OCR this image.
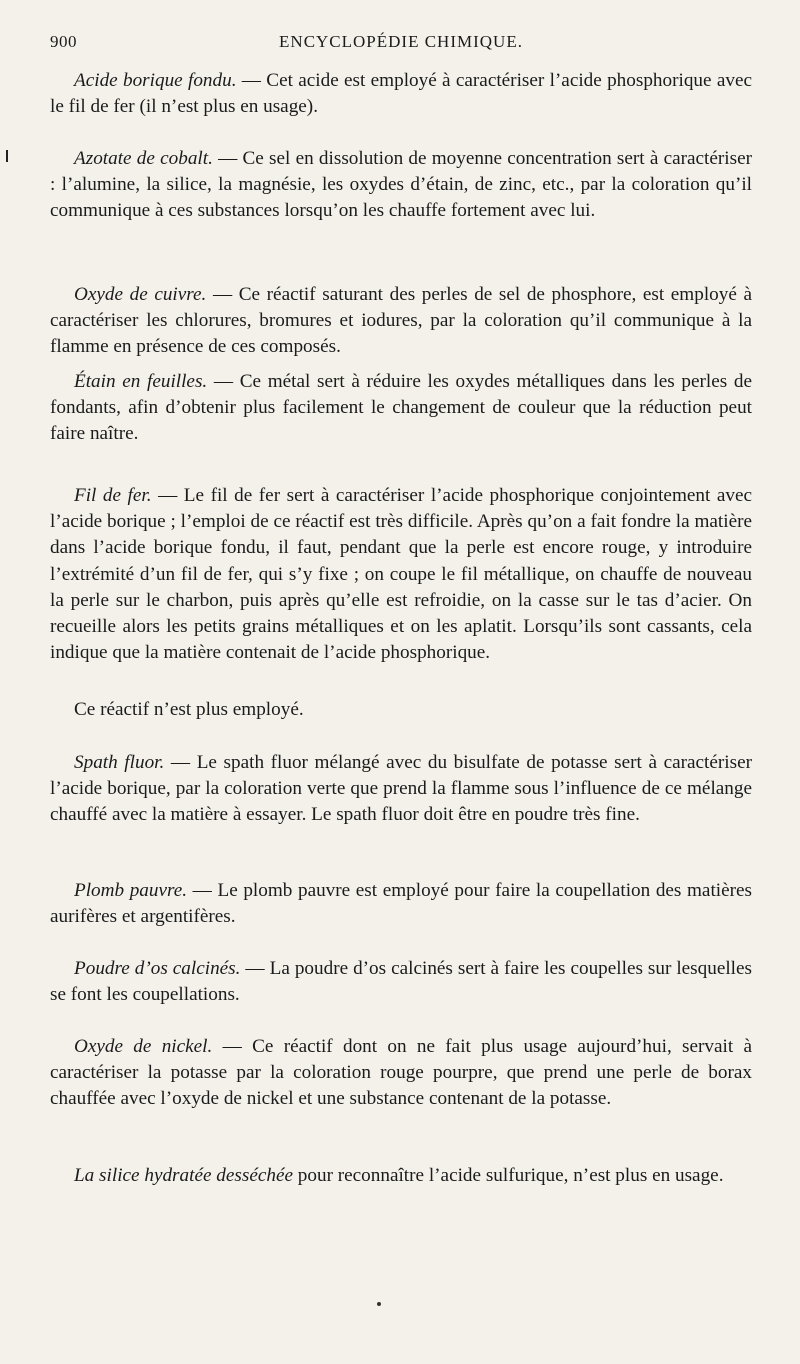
900	ENCYCLOPÉDIE CHIMIQUE.

Acide borique fondu. — Cet acide est employé à caractériser l’acide phosphorique avec le fil de fer (il n’est plus en usage).

Azotate de cobalt. — Ce sel en dissolution de moyenne concentration sert à caractériser : l’alumine, la silice, la magnésie, les oxydes d’étain, de zinc, etc., par la coloration qu’il communique à ces substances lorsqu’on les chauffe fortement avec lui.

Oxyde de cuivre. — Ce réactif saturant des perles de sel de phosphore, est employé à caractériser les chlorures, bromures et iodures, par la coloration qu’il communique à la flamme en présence de ces composés.

Étain en feuilles. — Ce métal sert à réduire les oxydes métalliques dans les perles de fondants, afin d’obtenir plus facilement le changement de couleur que la réduction peut faire naître.

Fil de fer. — Le fil de fer sert à caractériser l’acide phosphorique conjointement avec l’acide borique ; l’emploi de ce réactif est très difficile. Après qu’on a fait fondre la matière dans l’acide borique fondu, il faut, pendant que la perle est encore rouge, y introduire l’extrémité d’un fil de fer, qui s’y fixe ; on coupe le fil métallique, on chauffe de nouveau la perle sur le charbon, puis après qu’elle est refroidie, on la casse sur le tas d’acier. On recueille alors les petits grains métalliques et on les aplatit. Lorsqu’ils sont cassants, cela indique que la matière contenait de l’acide phosphorique.

Ce réactif n’est plus employé.

Spath fluor. — Le spath fluor mélangé avec du bisulfate de potasse sert à caractériser l’acide borique, par la coloration verte que prend la flamme sous l’influence de ce mélange chauffé avec la matière à essayer. Le spath fluor doit être en poudre très fine.

Plomb pauvre. — Le plomb pauvre est employé pour faire la coupellation des matières aurifères et argentifères.

Poudre d’os calcinés. — La poudre d’os calcinés sert à faire les coupelles sur lesquelles se font les coupellations.

Oxyde de nickel. — Ce réactif dont on ne fait plus usage aujourd’hui, servait à caractériser la potasse par la coloration rouge pourpre, que prend une perle de borax chauffée avec l’oxyde de nickel et une substance contenant de la potasse.

La silice hydratée desséchée pour reconnaître l’acide sulfurique, n’est plus en usage.
